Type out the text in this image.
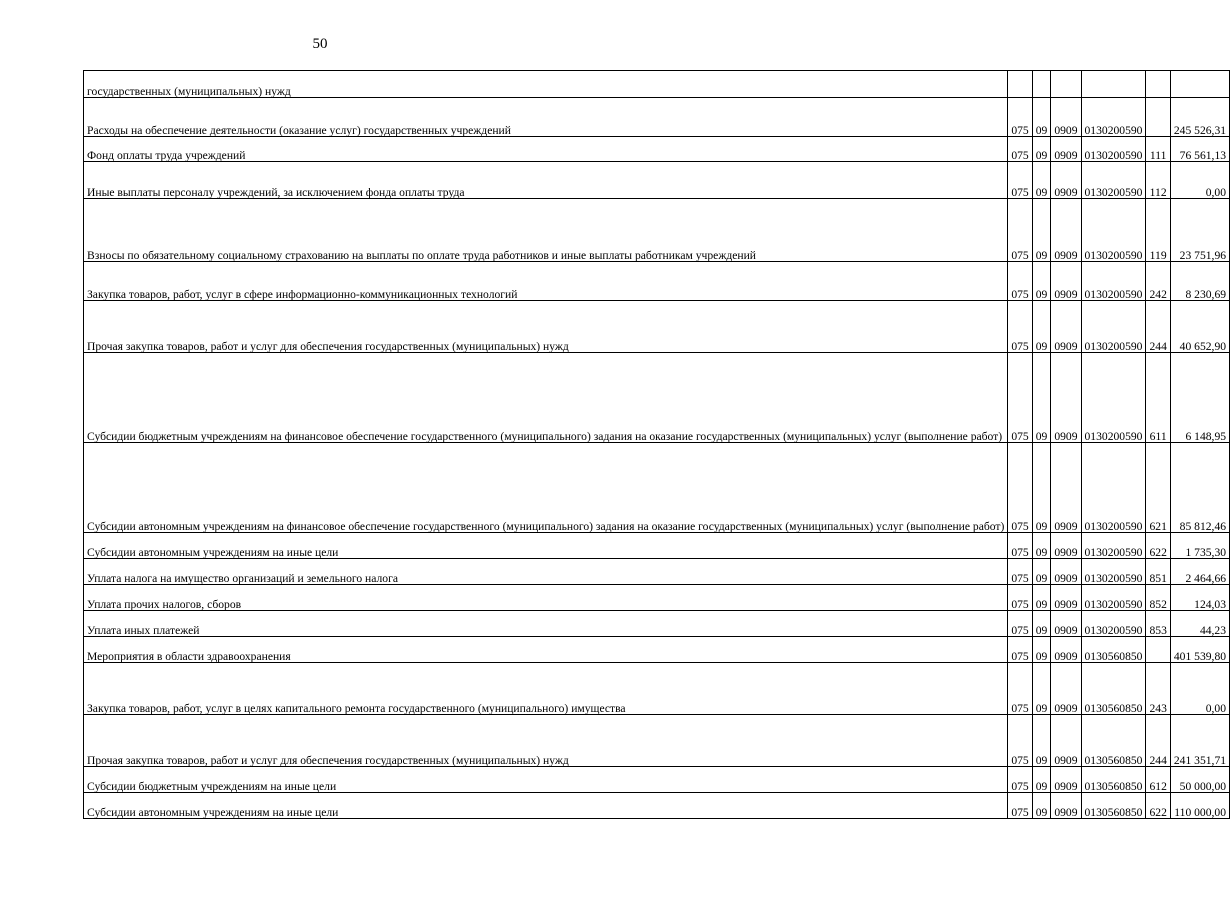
50
государственных (муниципальных) нужд						
Расходы на обеспечение деятельности (оказание услуг) государственных учреждений	075	09	0909	0130200590		245 526,31
Фонд оплаты труда учреждений	075	09	0909	0130200590	111	76 561,13
Иные выплаты персоналу учреждений, за исключением фонда оплаты труда	075	09	0909	0130200590	112	0,00
Взносы по обязательному социальному страхованию на выплаты по оплате труда работников и иные выплаты работникам учреждений	075	09	0909	0130200590	119	23 751,96
Закупка товаров, работ, услуг в сфере информационно-коммуникационных технологий	075	09	0909	0130200590	242	8 230,69
Прочая закупка товаров, работ и услуг для обеспечения государственных (муниципальных) нужд	075	09	0909	0130200590	244	40 652,90
Субсидии бюджетным учреждениям на финансовое обеспечение государственного (муниципального) задания на оказание государственных (муниципальных) услуг (выполнение работ)	075	09	0909	0130200590	611	6 148,95
Субсидии автономным учреждениям на финансовое обеспечение государственного (муниципального) задания на оказание государственных (муниципальных) услуг (выполнение работ)	075	09	0909	0130200590	621	85 812,46
Субсидии автономным учреждениям на иные цели	075	09	0909	0130200590	622	1 735,30
Уплата налога на имущество организаций и земельного налога	075	09	0909	0130200590	851	2 464,66
Уплата прочих налогов, сборов	075	09	0909	0130200590	852	124,03
Уплата иных платежей	075	09	0909	0130200590	853	44,23
Мероприятия в области здравоохранения	075	09	0909	0130560850		401 539,80
Закупка товаров, работ, услуг в целях капитального ремонта государственного (муниципального) имущества	075	09	0909	0130560850	243	0,00
Прочая закупка товаров, работ и услуг для обеспечения государственных (муниципальных) нужд	075	09	0909	0130560850	244	241 351,71
Субсидии бюджетным учреждениям на иные цели	075	09	0909	0130560850	612	50 000,00
Субсидии автономным учреждениям на иные цели	075	09	0909	0130560850	622	110 000,00
